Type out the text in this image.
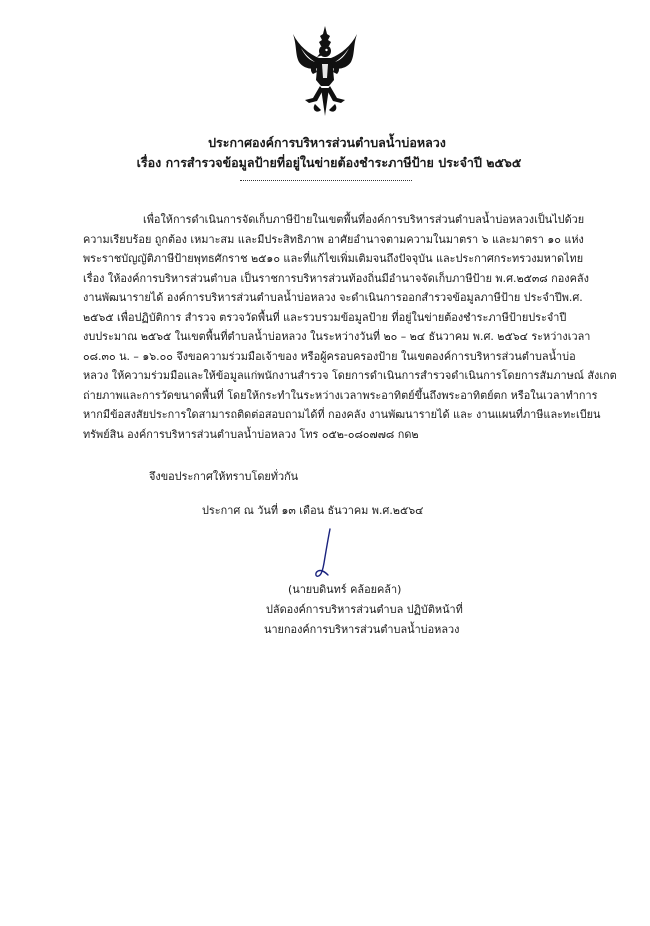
ประกาศองค์การบริหารส่วนตำบลน้ำบ่อหลวง
เรื่อง การสำรวจข้อมูลป้ายที่อยู่ในข่ายต้องชำระภาษีป้าย ประจำปี ๒๕๖๕
เพื่อให้การดำเนินการจัดเก็บภาษีป้ายในเขตพื้นที่องค์การบริหารส่วนตำบลน้ำบ่อหลวงเป็นไปด้วย
ความเรียบร้อย ถูกต้อง เหมาะสม และมีประสิทธิภาพ อาศัยอำนาจตามความในมาตรา ๖ และมาตรา ๑๐ แห่ง
พระราชบัญญัติภาษีป้ายพุทธศักราช ๒๕๑๐ และที่แก้ไขเพิ่มเติมจนถึงปัจจุบัน และประกาศกระทรวงมหาดไทย
เรื่อง ให้องค์การบริหารส่วนตำบล เป็นราชการบริหารส่วนท้องถิ่นมีอำนาจจัดเก็บภาษีป้าย พ.ศ.๒๕๓๘ กองคลัง
งานพัฒนารายได้ องค์การบริหารส่วนตำบลน้ำบ่อหลวง จะดำเนินการออกสำรวจข้อมูลภาษีป้าย ประจำปีพ.ศ.
๒๕๖๕ เพื่อปฏิบัติการ สำรวจ ตรวจวัดพื้นที่ และรวบรวมข้อมูลป้าย ที่อยู่ในข่ายต้องชำระภาษีป้ายประจำปี
งบประมาณ ๒๕๖๕ ในเขตพื้นที่ตำบลน้ำบ่อหลวง ในระหว่างวันที่ ๒๐ – ๒๔ ธันวาคม พ.ศ. ๒๕๖๔ ระหว่างเวลา
๐๘.๓๐ น. – ๑๖.๐๐ จึงขอความร่วมมือเจ้าของ หรือผู้ครอบครองป้าย ในเขตองค์การบริหารส่วนตำบลน้ำบ่อ
หลวง ให้ความร่วมมือและให้ข้อมูลแก่พนักงานสำรวจ โดยการดำเนินการสำรวจดำเนินการโดยการสัมภาษณ์ สังเกต
ถ่ายภาพและการวัดขนาดพื้นที่ โดยให้กระทำในระหว่างเวลาพระอาทิตย์ขึ้นถึงพระอาทิตย์ตก หรือในเวลาทำการ
หากมีข้อสงสัยประการใดสามารถติดต่อสอบถามได้ที่ กองคลัง งานพัฒนารายได้ และ งานแผนที่ภาษีและทะเบียน
ทรัพย์สิน องค์การบริหารส่วนตำบลน้ำบ่อหลวง โทร ๐๕๒-๐๘๐๗๗๘ กด๒
จึงขอประกาศให้ทราบโดยทั่วกัน
ประกาศ ณ วันที่ ๑๓ เดือน ธันวาคม พ.ศ.๒๕๖๔
(นายบดินทร์ คล้อยคล้า)
ปลัดองค์การบริหารส่วนตำบล ปฏิบัติหน้าที่
นายกองค์การบริหารส่วนตำบลน้ำบ่อหลวง
